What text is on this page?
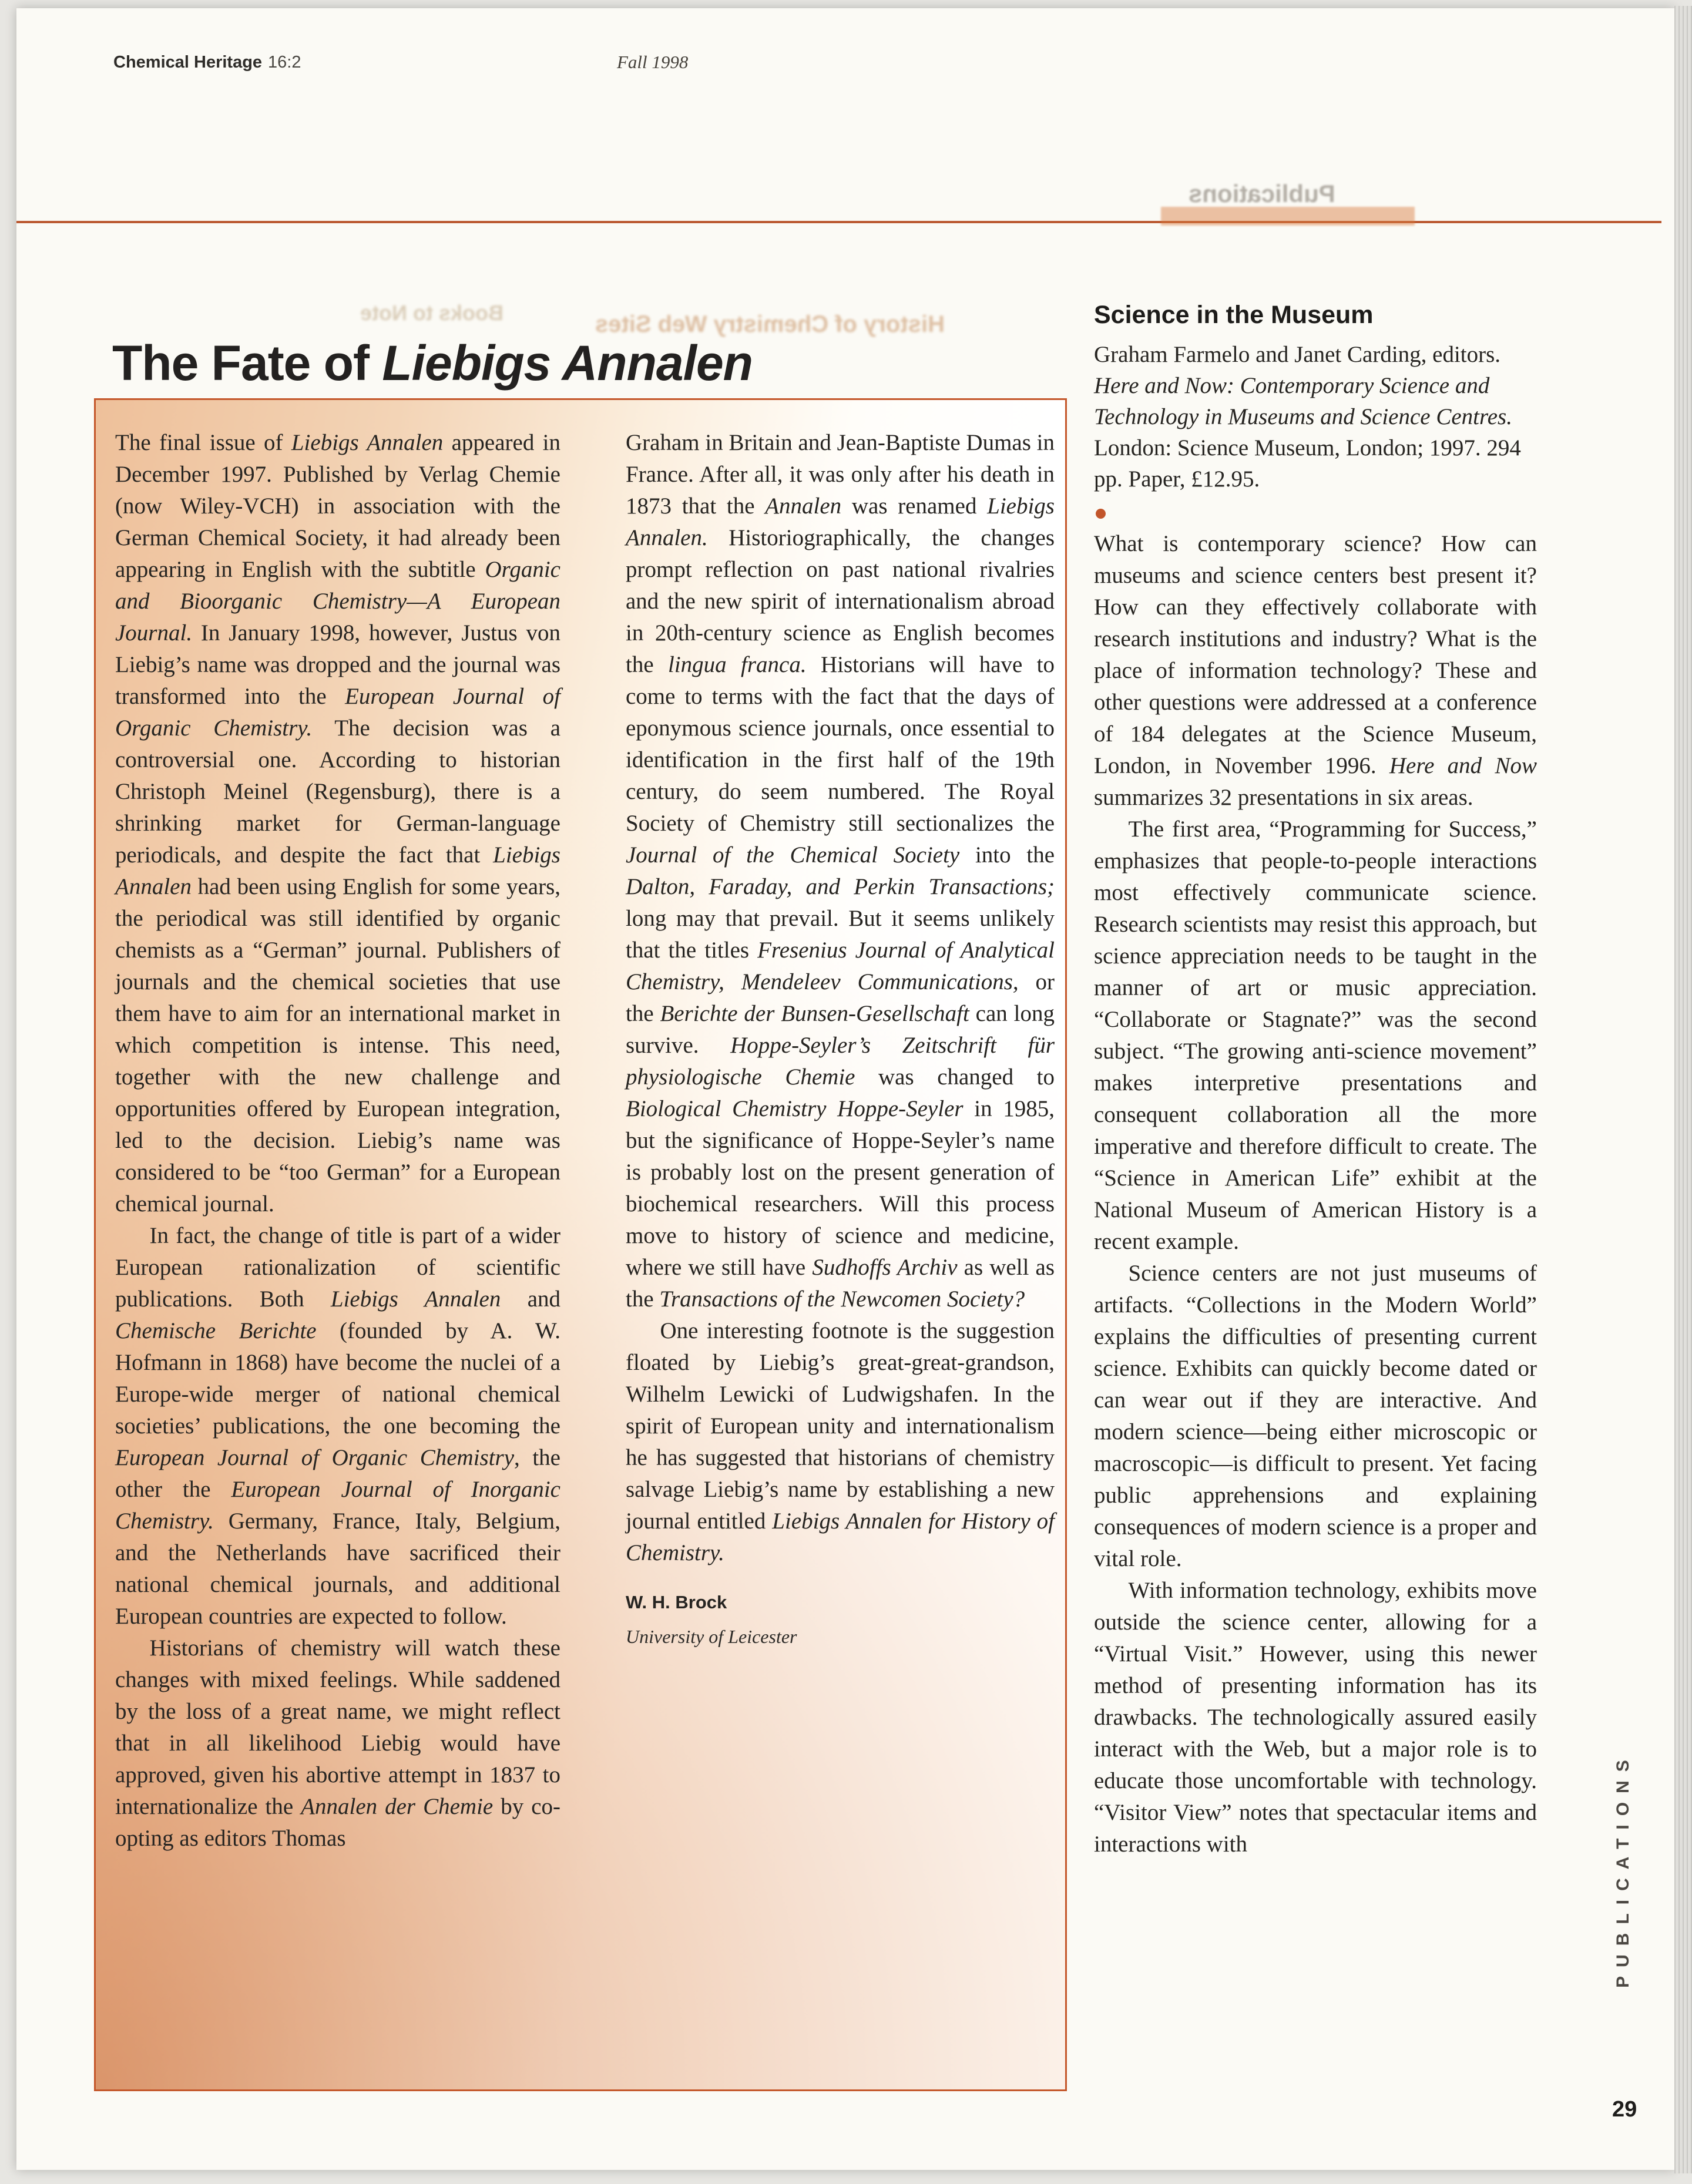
Chemical Heritage 16:2	Fall 1998
Publications
History of Chemistry Web Sites
Books to Note
The Fate of Liebigs Annalen

The final issue of Liebigs Annalen appeared in December 1997. Published by Verlag Chemie (now Wiley-VCH) in association with the German Chemical Society, it had already been appearing in English with the subtitle Organic and Bioorganic Chemistry—A European Journal. In January 1998, however, Justus von Liebig’s name was dropped and the journal was transformed into the European Journal of Organic Chemistry. The decision was a controversial one. According to historian Christoph Meinel (Regensburg), there is a shrinking market for German-language periodicals, and despite the fact that Liebigs Annalen had been using English for some years, the periodical was still identified by organic chemists as a “German” journal. Publishers of journals and the chemical societies that use them have to aim for an international market in which competition is intense. This need, together with the new challenge and opportunities offered by European integration, led to the decision. Liebig’s name was considered to be “too German” for a European chemical journal.

In fact, the change of title is part of a wider European rationalization of scientific publications. Both Liebigs Annalen and Chemische Berichte (founded by A. W. Hofmann in 1868) have become the nuclei of a Europe-wide merger of national chemical societies’ publications, the one becoming the European Journal of Organic Chemistry, the other the European Journal of Inorganic Chemistry. Germany, France, Italy, Belgium, and the Netherlands have sacrificed their national chemical journals, and additional European countries are expected to follow.

Historians of chemistry will watch these changes with mixed feelings. While saddened by the loss of a great name, we might reflect that in all likelihood Liebig would have approved, given his abortive attempt in 1837 to internationalize the Annalen der Chemie by co-opting as editors Thomas

Graham in Britain and Jean-Baptiste Dumas in France. After all, it was only after his death in 1873 that the Annalen was renamed Liebigs Annalen. Historiographically, the changes prompt reflection on past national rivalries and the new spirit of internationalism abroad in 20th-century science as English becomes the lingua franca. Historians will have to come to terms with the fact that the days of eponymous science journals, once essential to identification in the first half of the 19th century, do seem numbered. The Royal Society of Chemistry still sectionalizes the Journal of the Chemical Society into the Dalton, Faraday, and Perkin Transactions; long may that prevail. But it seems unlikely that the titles Fresenius Journal of Analytical Chemistry, Mendeleev Communications, or the Berichte der Bunsen-Gesellschaft can long survive. Hoppe-Seyler’s Zeitschrift für physiologische Chemie was changed to Biological Chemistry Hoppe-Seyler in 1985, but the significance of Hoppe-Seyler’s name is probably lost on the present generation of biochemical researchers. Will this process move to history of science and medicine, where we still have Sudhoffs Archiv as well as the Transactions of the Newcomen Society?

One interesting footnote is the suggestion floated by Liebig’s great-great-grandson, Wilhelm Lewicki of Ludwigshafen. In the spirit of European unity and internationalism he has suggested that historians of chemistry salvage Liebig’s name by establishing a new journal entitled Liebigs Annalen for History of Chemistry.

W. H. Brock
University of Leicester
Science in the Museum

Graham Farmelo and Janet Carding, editors. Here and Now: Contemporary Science and Technology in Museums and Science Centres. London: Science Museum, London; 1997. 294 pp. Paper, £12.95.

What is contemporary science? How can museums and science centers best present it? How can they effectively collaborate with research institutions and industry? What is the place of information technology? These and other questions were addressed at a conference of 184 delegates at the Science Museum, London, in November 1996. Here and Now summarizes 32 presentations in six areas.

The first area, “Programming for Success,” emphasizes that people-to-people interactions most effectively communicate science. Research scientists may resist this approach, but science appreciation needs to be taught in the manner of art or music appreciation. “Collaborate or Stagnate?” was the second subject. “The growing anti-science movement” makes interpretive presentations and consequent collaboration all the more imperative and therefore difficult to create. The “Science in American Life” exhibit at the National Museum of American History is a recent example.

Science centers are not just museums of artifacts. “Collections in the Modern World” explains the difficulties of presenting current science. Exhibits can quickly become dated or can wear out if they are interactive. And modern science—being either microscopic or macroscopic—is difficult to present. Yet facing public apprehensions and explaining consequences of modern science is a proper and vital role.

With information technology, exhibits move outside the science center, allowing for a “Virtual Visit.” However, using this newer method of presenting information has its drawbacks. The technologically assured easily interact with the Web, but a major role is to educate those uncomfortable with technology. “Visitor View” notes that spectacular items and interactions with	PUBLICATIONS
29
